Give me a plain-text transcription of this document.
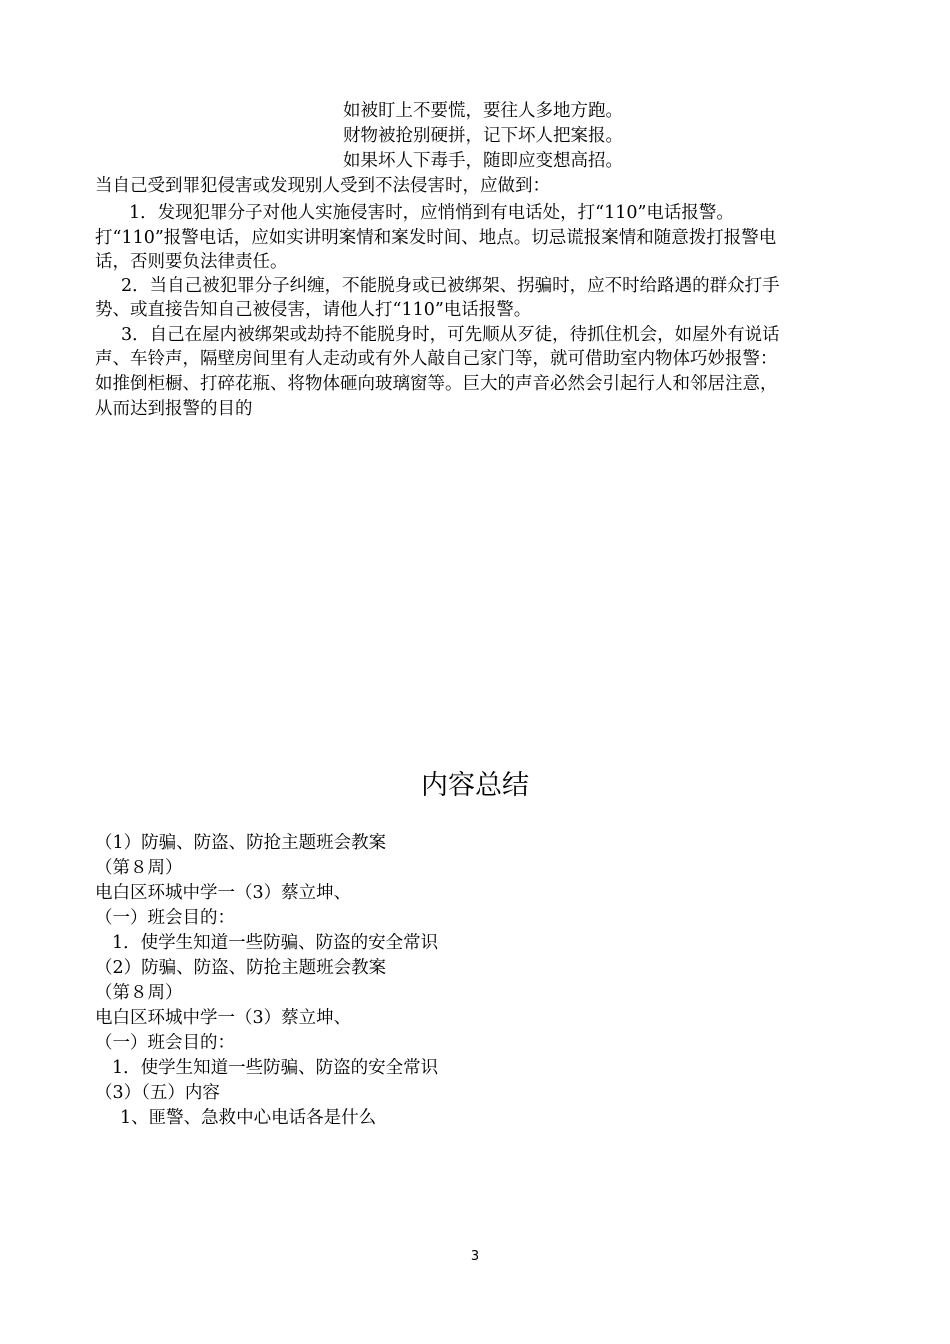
如被盯上不要慌，要往人多地方跑。
财物被抢别硬拼，记下坏人把案报。
如果坏人下毒手，随即应变想高招。
当自己受到罪犯侵害或发现别人受到不法侵害时，应做到：
1．发现犯罪分子对他人实施侵害时，应悄悄到有电话处，打“110”电话报警。
打“110”报警电话，应如实讲明案情和案发时间、地点。切忌谎报案情和随意拨打报警电
话，否则要负法律责任。
2．当自己被犯罪分子纠缠，不能脱身或已被绑架、拐骗时，应不时给路遇的群众打手
势、或直接告知自己被侵害，请他人打“110”电话报警。
3．自己在屋内被绑架或劫持不能脱身时，可先顺从歹徒，待抓住机会，如屋外有说话
声、车铃声，隔壁房间里有人走动或有外人敲自己家门等，就可借助室内物体巧妙报警：
如推倒柜橱、打碎花瓶、将物体砸向玻璃窗等。巨大的声音必然会引起行人和邻居注意，
从而达到报警的目的
内容总结
（1）防骗、防盗、防抢主题班会教案
（第８周）
电白区环城中学一（3）蔡立坤、
（一）班会目的：
1．使学生知道一些防骗、防盗的安全常识
（2）防骗、防盗、防抢主题班会教案
（第８周）
电白区环城中学一（3）蔡立坤、
（一）班会目的：
1．使学生知道一些防骗、防盗的安全常识
（3）（五）内容
1、匪警、急救中心电话各是什么
3
